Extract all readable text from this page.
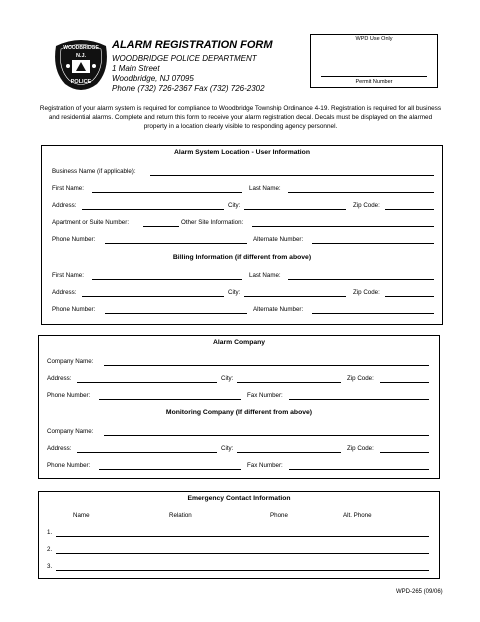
WOODBRIDGE
N.J.
POLICE
ALARM REGISTRATION FORM
WOODBRIDGE POLICE DEPARTMENT
1 Main Street
Woodbridge, NJ 07095
Phone (732) 726-2367 Fax (732) 726-2302
WPD Use Only
Permit Number
Registration of your alarm system is required for compliance to Woodbridge Township Ordinance 4-19. Registration is required for all business and residential alarms. Complete and return this form to receive your alarm registration decal. Decals must be displayed on the alarmed property in a location clearly visible to responding agency personnel.
Alarm System Location - User Information
Business Name (if applicable):
First Name:	Last Name:
Address:	City:	Zip Code:
Apartment or Suite Number:	Other Site Information:
Phone Number:	Alternate Number:
Billing Information (if different from above)
First Name:	Last Name:
Address:	City:	Zip Code:
Phone Number:	Alternate Number:
Alarm Company
Company Name:
Address:	City:	Zip Code:
Phone Number:	Fax Number:
Monitoring Company (If different from above)
Company Name:
Address:	City:	Zip Code:
Phone Number:	Fax Number:
Emergency Contact Information
Name	Relation	Phone	Alt. Phone
1.
2.
3.
WPD-265 (09/06)
